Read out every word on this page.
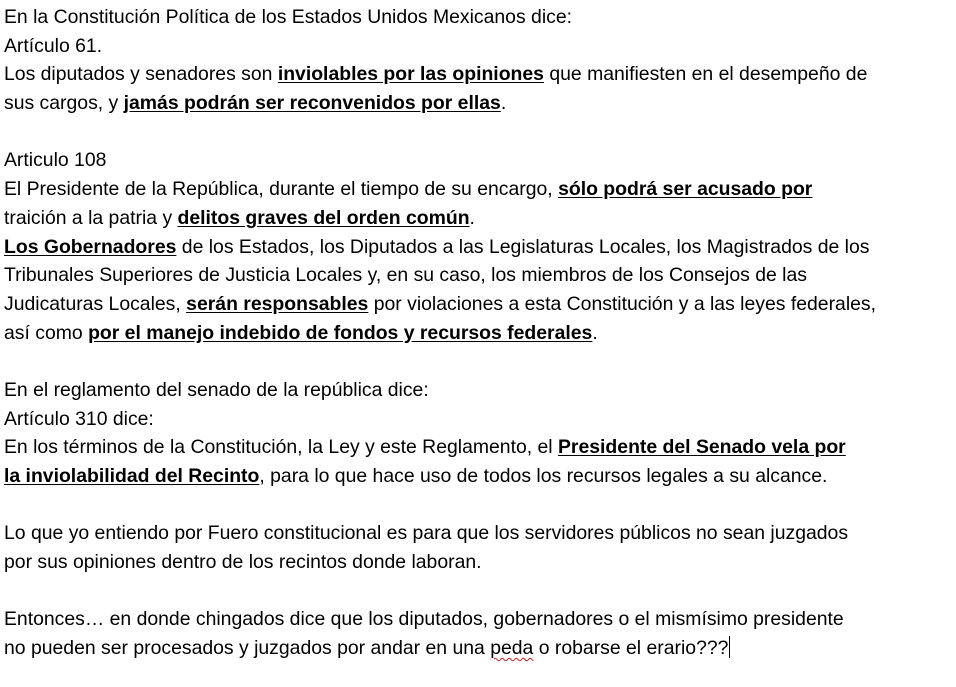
En la Constitución Política de los Estados Unidos Mexicanos dice:
Artículo 61.
Los diputados y senadores son inviolables por las opiniones que manifiesten en el desempeño de
sus cargos, y jamás podrán ser reconvenidos por ellas.
Articulo 108
El Presidente de la República, durante el tiempo de su encargo, sólo podrá ser acusado por
traición a la patria y delitos graves del orden común.
Los Gobernadores de los Estados, los Diputados a las Legislaturas Locales, los Magistrados de los
Tribunales Superiores de Justicia Locales y, en su caso, los miembros de los Consejos de las
Judicaturas Locales, serán responsables por violaciones a esta Constitución y a las leyes federales,
así como por el manejo indebido de fondos y recursos federales.
En el reglamento del senado de la república dice:
Artículo 310 dice:
En los términos de la Constitución, la Ley y este Reglamento, el Presidente del Senado vela por
la inviolabilidad del Recinto, para lo que hace uso de todos los recursos legales a su alcance.
Lo que yo entiendo por Fuero constitucional es para que los servidores públicos no sean juzgados
por sus opiniones dentro de los recintos donde laboran.
Entonces… en donde chingados dice que los diputados, gobernadores o el mismísimo presidente
no pueden ser procesados y juzgados por andar en una peda o robarse el erario???
